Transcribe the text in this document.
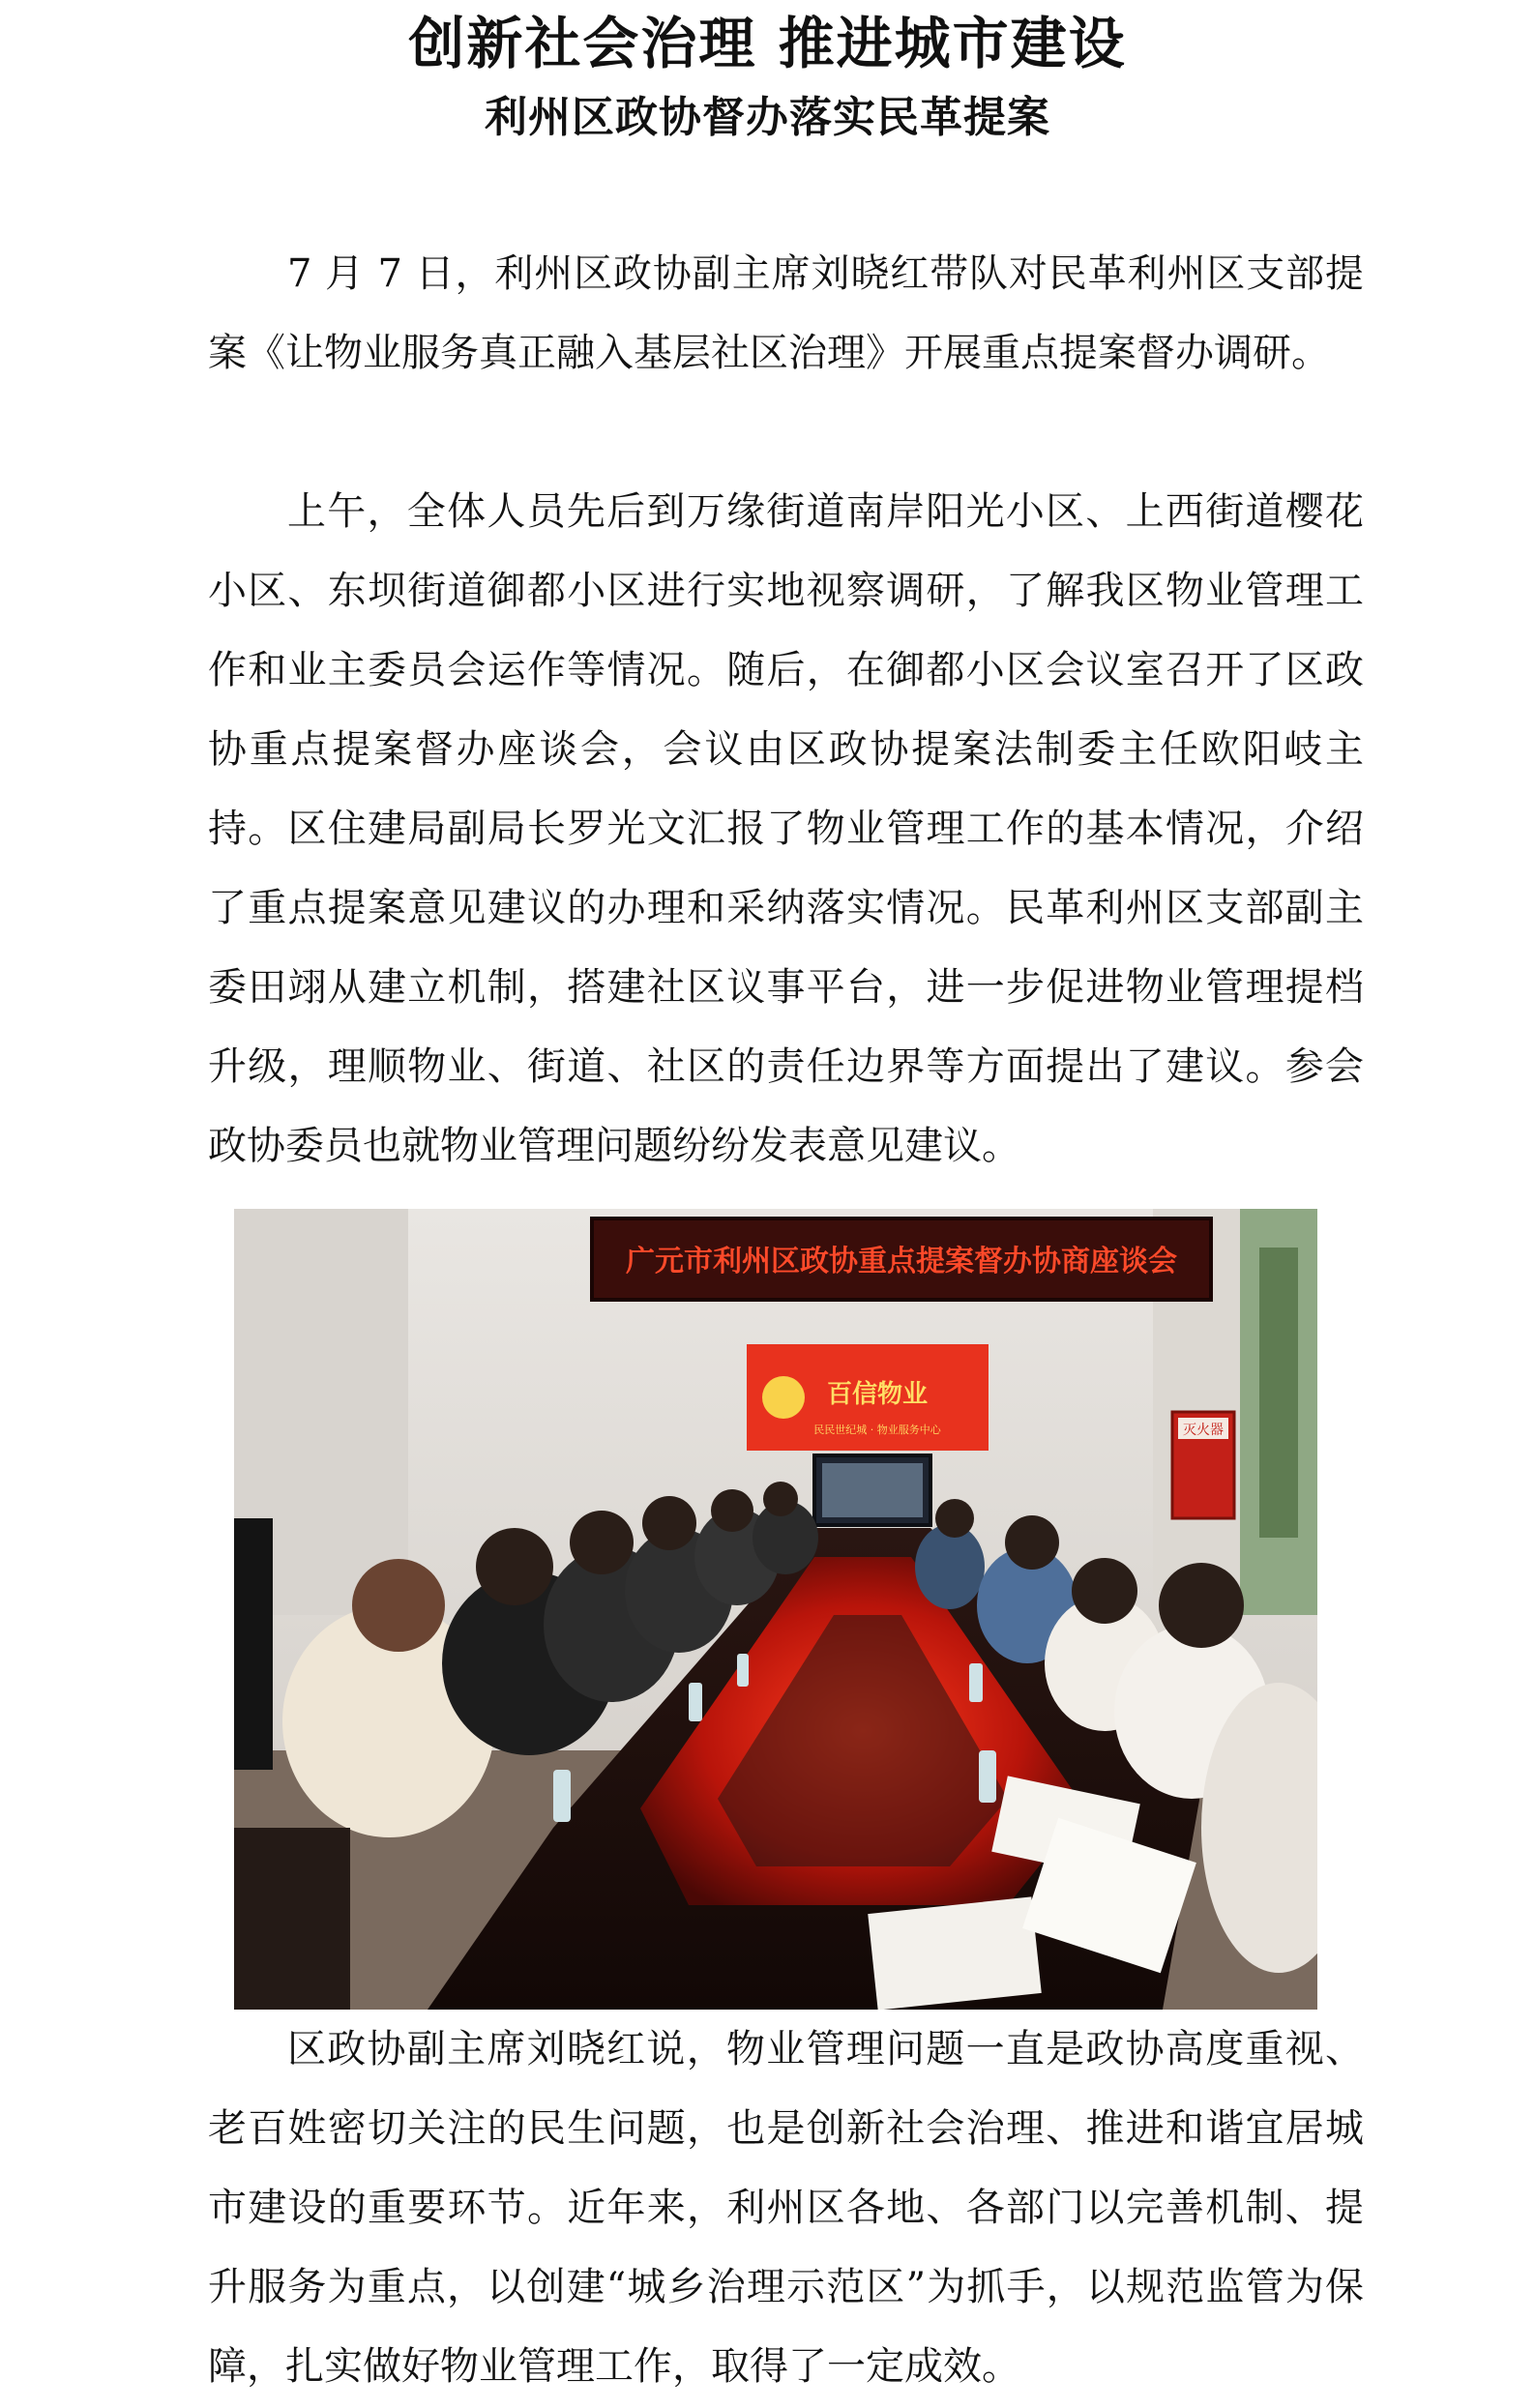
创新社会治理 推进城市建设
利州区政协督办落实民革提案

7 月 7 日，利州区政协副主席刘晓红带队对民革利州区支部提案《让物业服务真正融入基层社区治理》开展重点提案督办调研。

上午，全体人员先后到万缘街道南岸阳光小区、上西街道樱花小区、东坝街道御都小区进行实地视察调研，了解我区物业管理工作和业主委员会运作等情况。随后，在御都小区会议室召开了区政协重点提案督办座谈会，会议由区政协提案法制委主任欧阳岐主持。区住建局副局长罗光文汇报了物业管理工作的基本情况，介绍了重点提案意见建议的办理和采纳落实情况。民革利州区支部副主委田翊从建立机制，搭建社区议事平台，进一步促进物业管理提档升级，理顺物业、街道、社区的责任边界等方面提出了建议。参会政协委员也就物业管理问题纷纷发表意见建议。

广元市利州区政协重点提案督办协商座谈会
百信物业
民民世纪城 · 物业服务中心	灭火器

区政协副主席刘晓红说，物业管理问题一直是政协高度重视、老百姓密切关注的民生问题，也是创新社会治理、推进和谐宜居城市建设的重要环节。近年来，利州区各地、各部门以完善机制、提升服务为重点，以创建“城乡治理示范区”为抓手，以规范监管为保障，扎实做好物业管理工作，取得了一定成效。
